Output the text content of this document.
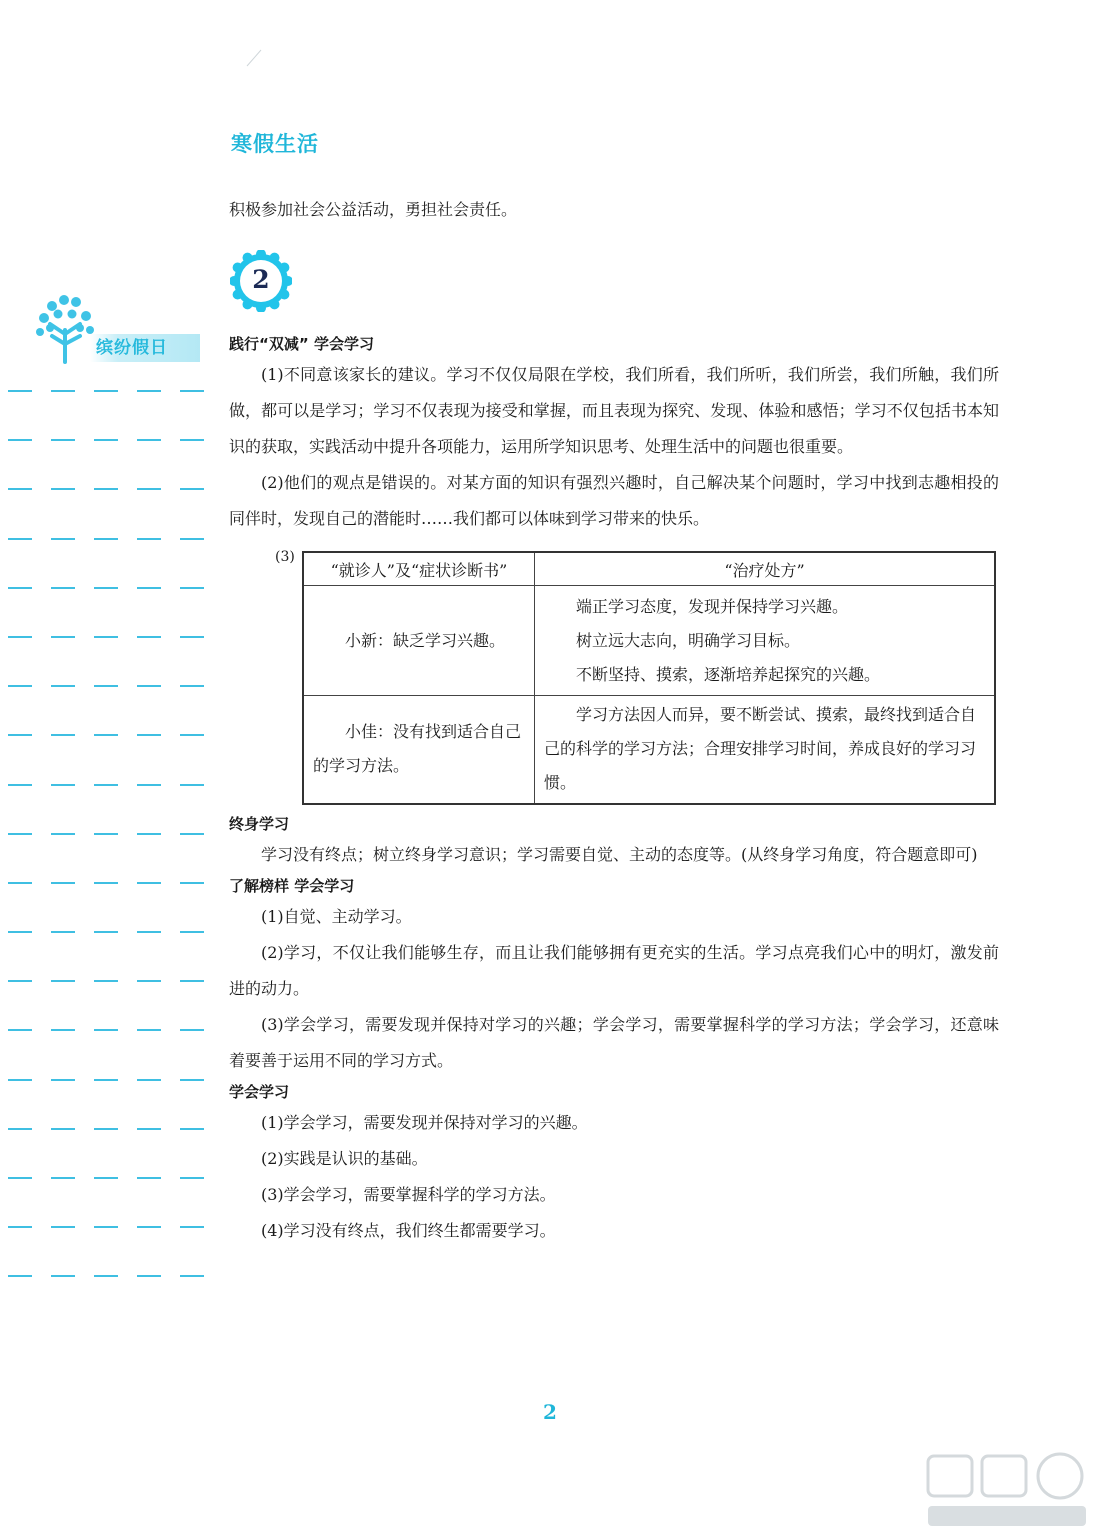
寒假生活
积极参加社会公益活动，勇担社会责任。
2
缤纷假日	践行“双减” 学会学习

(1)不同意该家长的建议。学习不仅仅局限在学校，我们所看，我们所听，我们所尝，我们所触，我们所做，都可以是学习；学习不仅表现为接受和掌握，而且表现为探究、发现、体验和感悟；学习不仅包括书本知识的获取，实践活动中提升各项能力，运用所学知识思考、处理生活中的问题也很重要。

(2)他们的观点是错误的。对某方面的知识有强烈兴趣时，自己解决某个问题时，学习中找到志趣相投的同伴时，发现自己的潜能时……我们都可以体味到学习带来的快乐。

(3)
“就诊人”及“症状诊断书”	“治疗处方”
小新：缺乏学习兴趣。	端正学习态度，发现并保持学习兴趣。
树立远大志向，明确学习目标。
不断坚持、摸索，逐渐培养起探究的兴趣。

小佳：没有找到适合自己的学习方法。	学习方法因人而异，要不断尝试、摸索，最终找到适合自己的科学的学习方法；合理安排学习时间，养成良好的学习习惯。

终身学习

学习没有终点；树立终身学习意识；学习需要自觉、主动的态度等。(从终身学习角度，符合题意即可)

了解榜样 学会学习

(1)自觉、主动学习。

(2)学习，不仅让我们能够生存，而且让我们能够拥有更充实的生活。学习点亮我们心中的明灯，激发前进的动力。

(3)学会学习，需要发现并保持对学习的兴趣；学会学习，需要掌握科学的学习方法；学会学习，还意味着要善于运用不同的学习方式。

学会学习

(1)学会学习，需要发现并保持对学习的兴趣。

(2)实践是认识的基础。

(3)学会学习，需要掌握科学的学习方法。

(4)学习没有终点，我们终生都需要学习。

2
